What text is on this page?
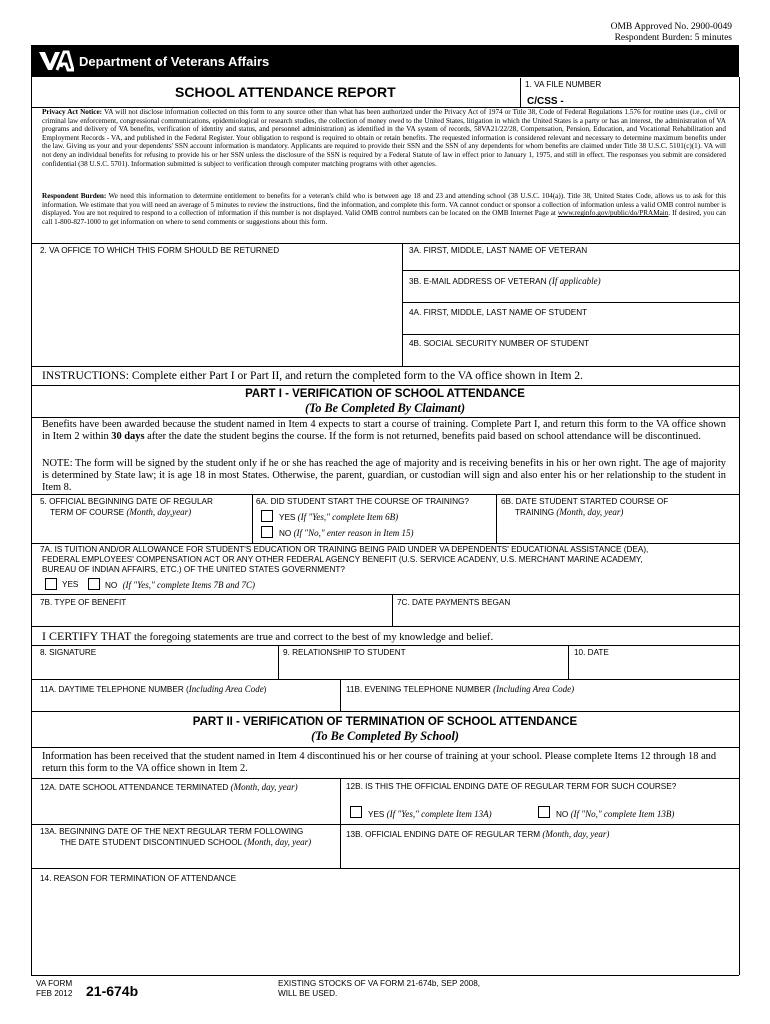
OMB Approved No. 2900-0049
Respondent Burden: 5 minutes
Department of Veterans Affairs
SCHOOL ATTENDANCE REPORT	1. VA FILE NUMBER
C/CSS -
Privacy Act Notice: VA will not disclose information collected on this form to any source other than what has been authorized under the Privacy Act of 1974 or Title 38, Code of Federal Regulations 1.576 for routine uses (i.e., civil or criminal law enforcement, congressional communications, epidemiological or research studies, the collection of money owed to the United States, litigation in which the United States is a party or has an interest, the administration of VA programs and delivery of VA benefits, verification of identity and status, and personnel administration) as identified in the VA system of records, 58VA21/22/28, Compensation, Pension, Education, and Vocational Rehabilitation and Employment Records - VA, and published in the Federal Register. Your obligation to respond is required to obtain or retain benefits. The requested information is considered relevant and necessary to determine maximum benefits under the law. Giving us your and your dependents' SSN account information is mandatory. Applicants are required to provide their SSN and the SSN of any dependents for whom benefits are claimed under Title 38 U.S.C. 5101(c)(1). VA will not deny an individual benefits for refusing to provide his or her SSN unless the disclosure of the SSN is required by a Federal Statute of law in effect prior to January 1, 1975, and still in effect. The responses you submit are considered confidential (38 U.S.C. 5701). Information submitted is subject to verification through computer matching programs with other agencies.
Respondent Burden: We need this information to determine entitlement to benefits for a veteran's child who is between age 18 and 23 and attending school (38 U.S.C. 104(a)). Title 38, United States Code, allows us to ask for this information. We estimate that you will need an average of 5 minutes to review the instructions, find the information, and complete this form. VA cannot conduct or sponsor a collection of information unless a valid OMB control number is displayed. You are not required to respond to a collection of information if this number is not displayed. Valid OMB control numbers can be located on the OMB Internet Page at www.reginfo.gov/public/do/PRAMain. If desired, you can call 1-800-827-1000 to get information on where to send comments or suggestions about this form.
2. VA OFFICE TO WHICH THIS FORM SHOULD BE RETURNED	3A. FIRST, MIDDLE, LAST NAME OF VETERAN
3B. E-MAIL ADDRESS OF VETERAN (If applicable)
4A. FIRST, MIDDLE, LAST NAME OF STUDENT
4B. SOCIAL SECURITY NUMBER OF STUDENT
INSTRUCTIONS: Complete either Part I or Part II, and return the completed form to the VA office shown in Item 2.
PART I - VERIFICATION OF SCHOOL ATTENDANCE
(To Be Completed By Claimant)
Benefits have been awarded because the student named in Item 4 expects to start a course of training. Complete Part I, and return this form to the VA office shown in Item 2 within 30 days after the date the student begins the course. If the form is not returned, benefits paid based on school attendance will be discontinued.
NOTE: The form will be signed by the student only if he or she has reached the age of majority and is receiving benefits in his or her own right. The age of majority is determined by State law; it is age 18 in most States. Otherwise, the parent, guardian, or custodian will sign and also enter his or her relationship to the student in Item 8.
5. OFFICIAL BEGINNING DATE OF REGULAR
TERM OF COURSE (Month, day,year)
6A. DID STUDENT START THE COURSE OF TRAINING?
YES (If "Yes," complete Item 6B)
NO (If "No," enter reason in Item 15)
6B. DATE STUDENT STARTED COURSE OF
TRAINING (Month, day, year)
7A. IS TUITION AND/OR ALLOWANCE FOR STUDENT'S EDUCATION OR TRAINING BEING PAID UNDER VA DEPENDENTS' EDUCATIONAL ASSISTANCE (DEA),
FEDERAL EMPLOYEES' COMPENSATION ACT OR ANY OTHER FEDERAL AGENCY BENEFIT (U.S. SERVICE ACADENY, U.S. MERCHANT MARINE ACADEMY,
BUREAU OF INDIAN AFFAIRS, ETC.) OF THE UNITED STATES GOVERNMENT?
YES	NO (If "Yes," complete Items 7B and 7C)
7B. TYPE OF BENEFIT	7C. DATE PAYMENTS BEGAN
I CERTIFY THAT the foregoing statements are true and correct to the best of my knowledge and belief.
8. SIGNATURE	9. RELATIONSHIP TO STUDENT	10. DATE
11A. DAYTIME TELEPHONE NUMBER (Including Area Code)	11B. EVENING TELEPHONE NUMBER (Including Area Code)
PART II - VERIFICATION OF TERMINATION OF SCHOOL ATTENDANCE
(To Be Completed By School)
Information has been received that the student named in Item 4 discontinued his or her course of training at your school. Please complete Items 12 through 18 and return this form to the VA office shown in Item 2.
12A. DATE SCHOOL ATTENDANCE TERMINATED (Month, day, year)	12B. IS THIS THE OFFICIAL ENDING DATE OF REGULAR TERM FOR SUCH COURSE?
YES (If "Yes," complete Item 13A)	NO (If "No," complete Item 13B)
13A. BEGINNING DATE OF THE NEXT REGULAR TERM FOLLOWING
THE DATE STUDENT DISCONTINUED SCHOOL (Month, day, year)
13B. OFFICIAL ENDING DATE OF REGULAR TERM (Month, day, year)
14. REASON FOR TERMINATION OF ATTENDANCE
VA FORM
FEB 2012 21-674b	EXISTING STOCKS OF VA FORM 21-674b, SEP 2008,
WILL BE USED.
